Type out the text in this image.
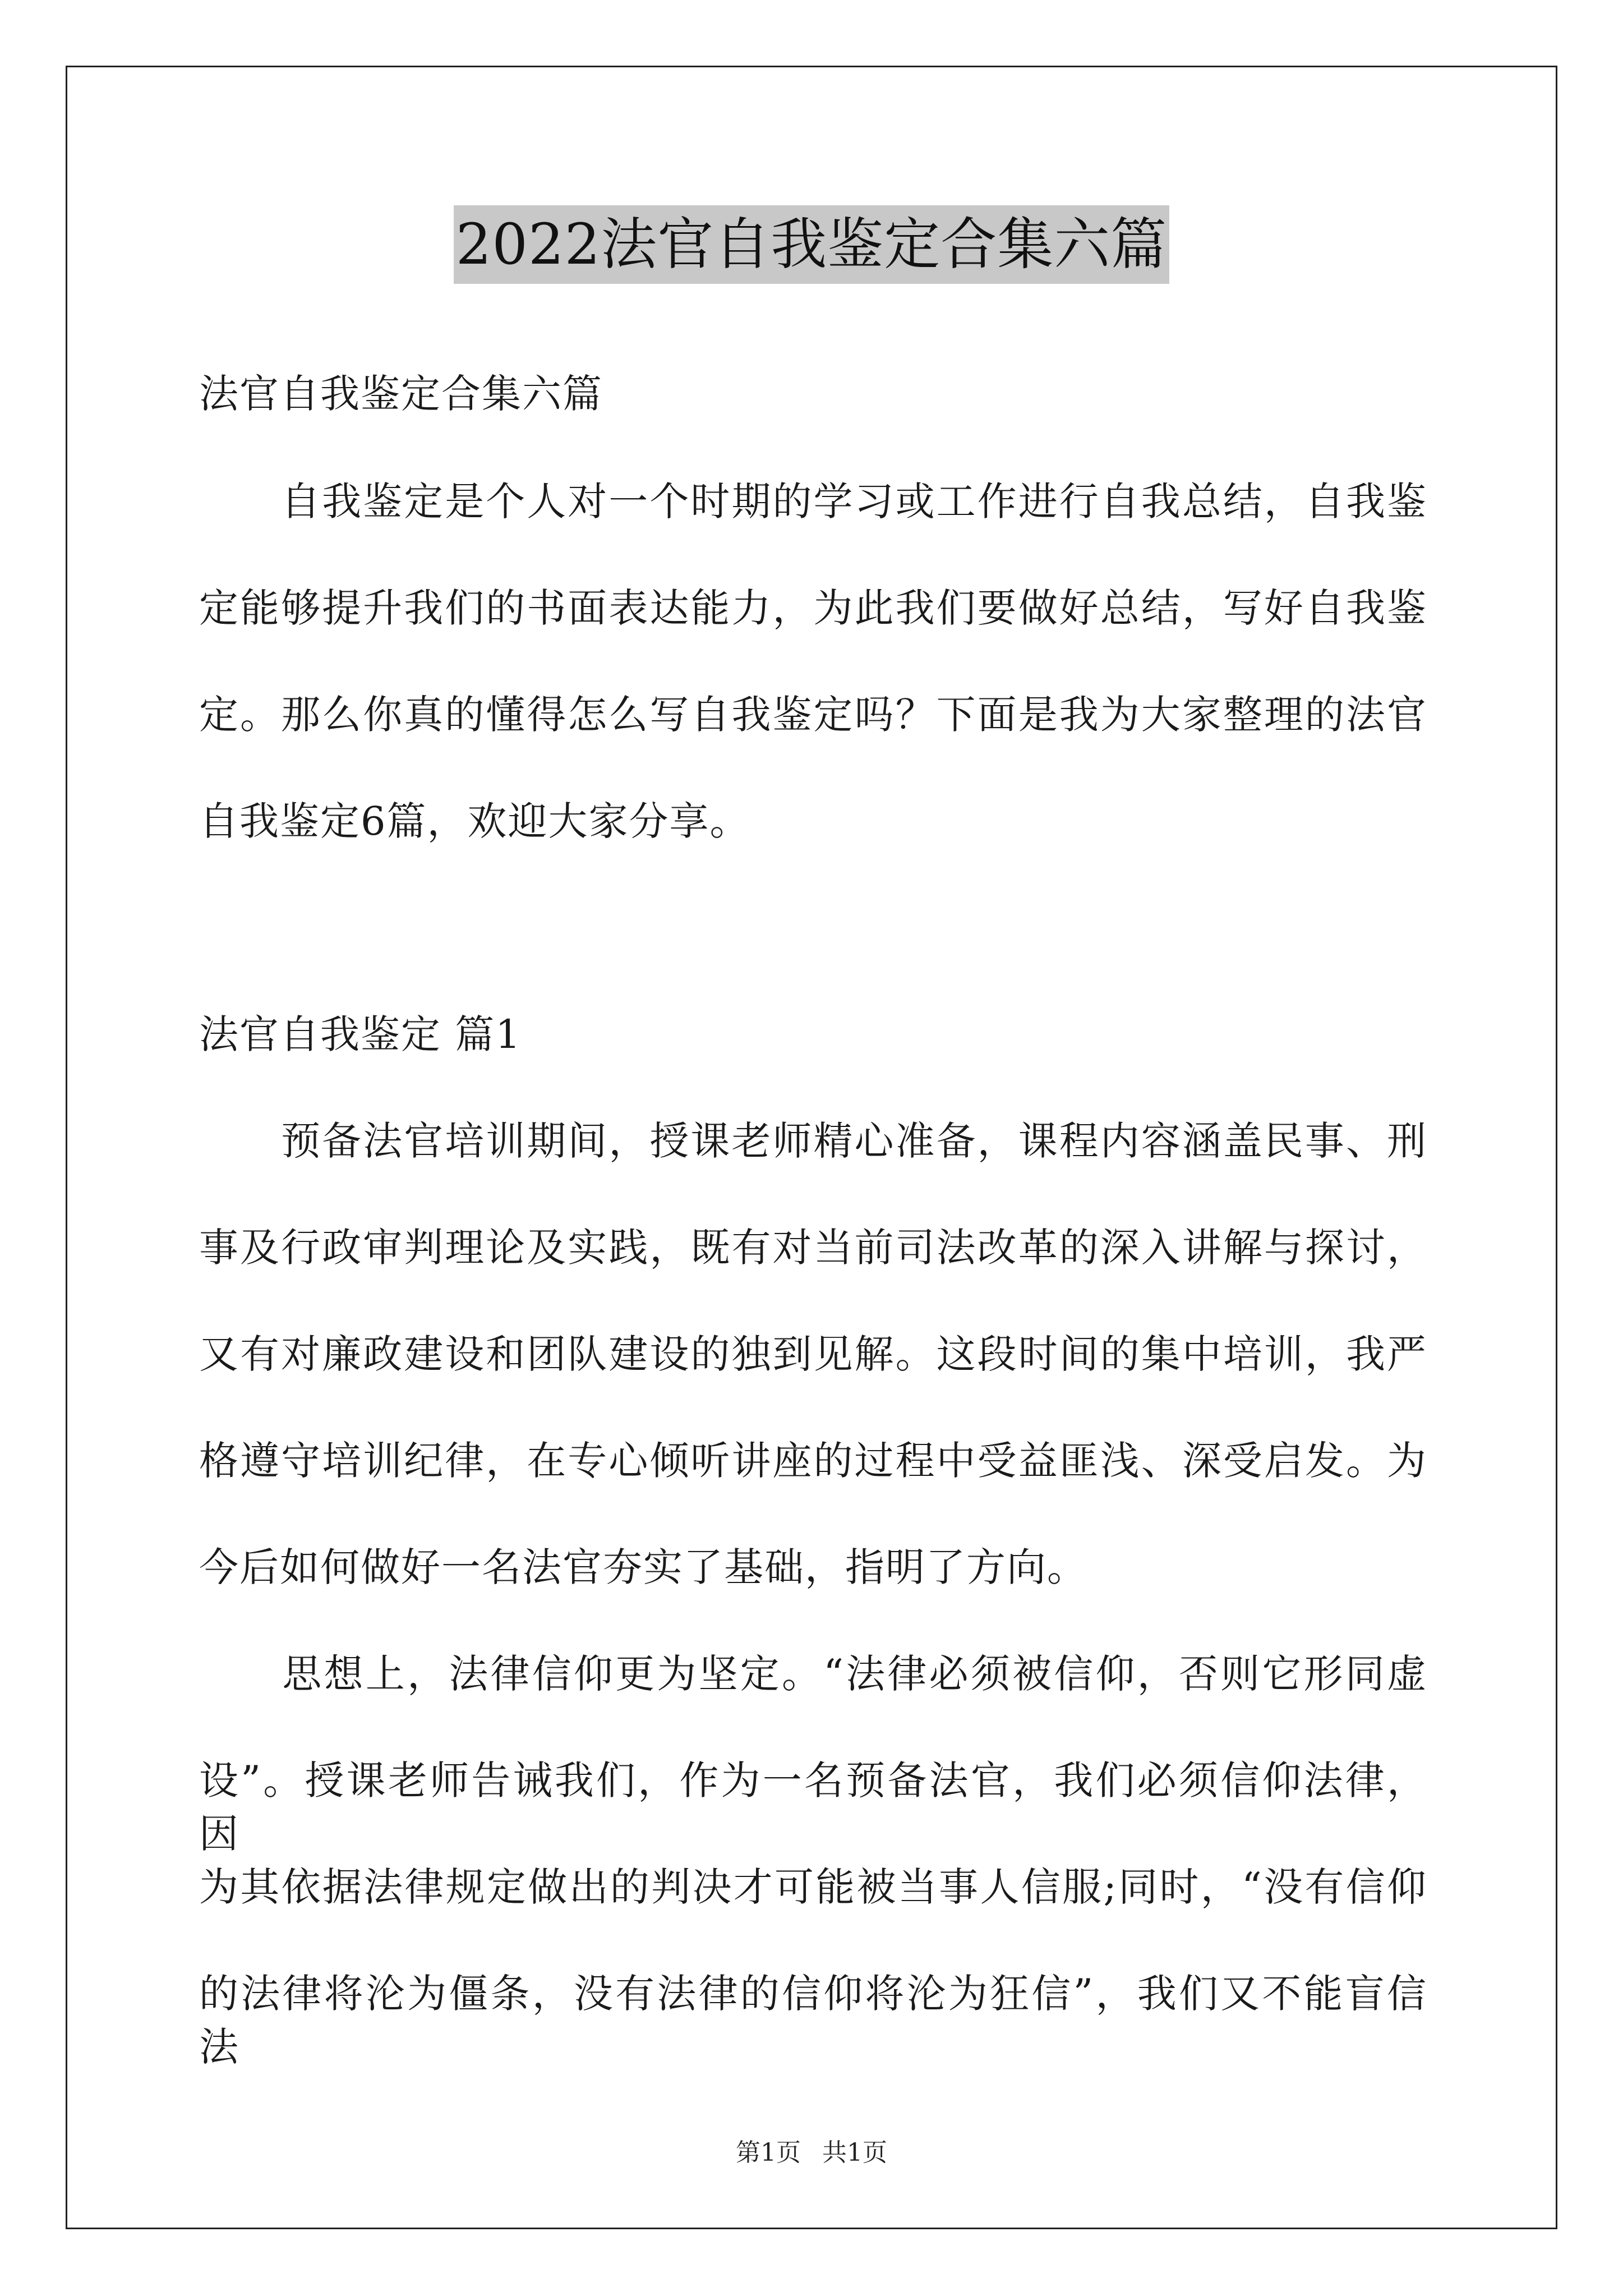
2022法官自我鉴定合集六篇
法官自我鉴定合集六篇
　　自我鉴定是个人对一个时期的学习或工作进行自我总结，自我鉴
定能够提升我们的书面表达能力，为此我们要做好总结，写好自我鉴
定。那么你真的懂得怎么写自我鉴定吗？下面是我为大家整理的法官
自我鉴定6篇，欢迎大家分享。
法官自我鉴定 篇1
　　预备法官培训期间，授课老师精心准备，课程内容涵盖民事、刑
事及行政审判理论及实践，既有对当前司法改革的深入讲解与探讨，
又有对廉政建设和团队建设的独到见解。这段时间的集中培训，我严
格遵守培训纪律，在专心倾听讲座的过程中受益匪浅、深受启发。为
今后如何做好一名法官夯实了基础，指明了方向。
　　思想上，法律信仰更为坚定。“法律必须被信仰，否则它形同虚
设”。授课老师告诫我们，作为一名预备法官，我们必须信仰法律，因
为其依据法律规定做出的判决才可能被当事人信服;同时，“没有信仰
的法律将沦为僵条，没有法律的信仰将沦为狂信”，我们又不能盲信法
第1页 共1页
